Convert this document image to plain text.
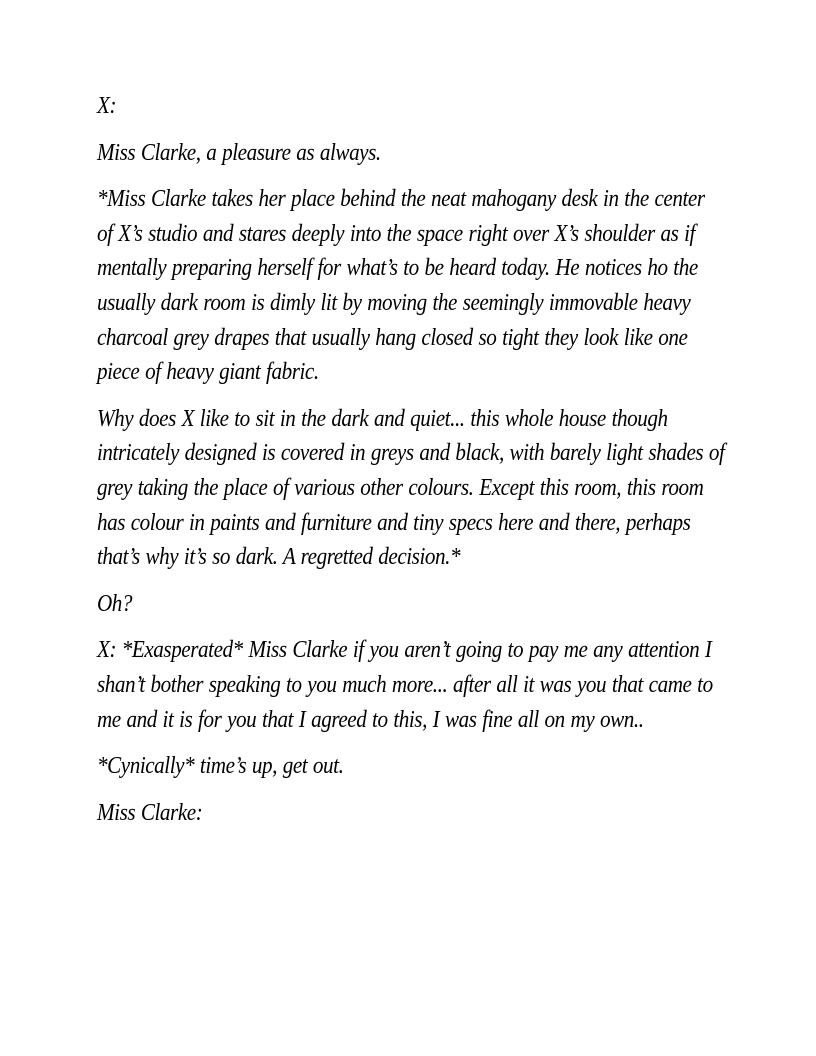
X:

Miss Clarke, a pleasure as always.

*Miss Clarke takes her place behind the neat mahogany desk in the center of X’s studio and stares deeply into the space right over X’s shoulder as if mentally preparing herself for what’s to be heard today. He notices ho the usually dark room is dimly lit by moving the seemingly immovable heavy charcoal grey drapes that usually hang closed so tight they look like one piece of heavy giant fabric.

Why does X like to sit in the dark and quiet... this whole house though intricately designed is covered in greys and black, with barely light shades of grey taking the place of various other colours. Except this room, this room has colour in paints and furniture and tiny specs here and there, perhaps that’s why it’s so dark. A regretted decision.*

Oh?

X: *Exasperated* Miss Clarke if you aren’t going to pay me any attention I shan’t bother speaking to you much more... after all it was you that came to me and it is for you that I agreed to this, I was fine all on my own..

*Cynically* time’s up, get out.

Miss Clarke:
